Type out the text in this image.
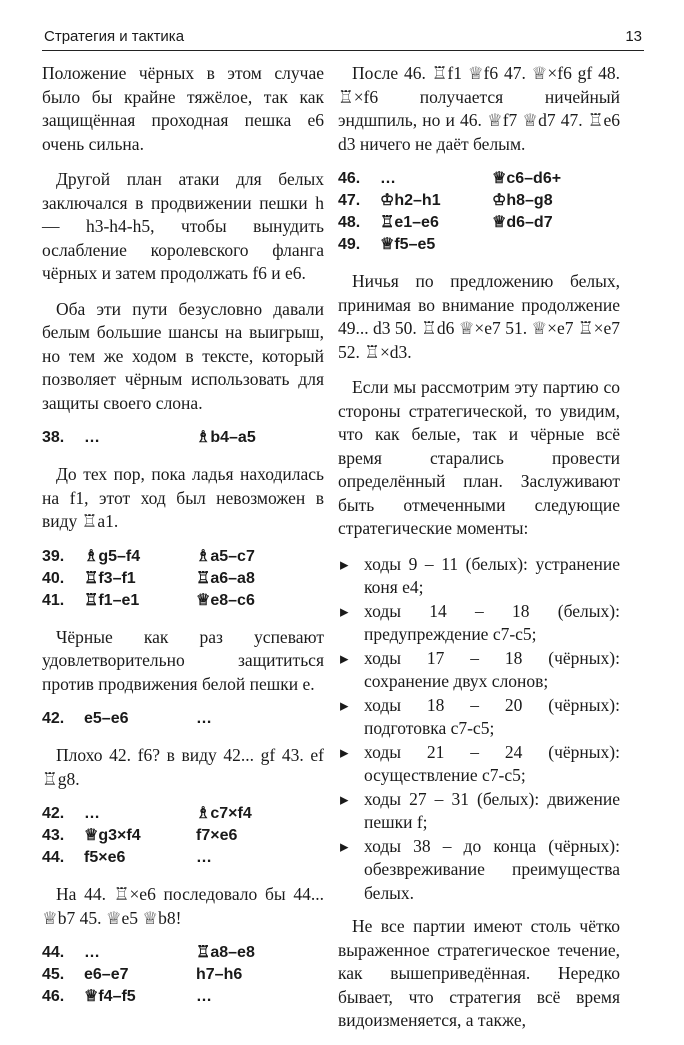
Стратегия и тактика	13

Положение чёрных в этом случае было бы крайне тяжёлое, так как защищённая проходная пешка е6 очень сильна.

Другой план атаки для белых заключался в продвижении пешки h — h3-h4-h5, чтобы вынудить ослабление королевского фланга чёрных и затем продолжать f6 и е6.

Оба эти пути безусловно давали белым большие шансы на выигрыш, но тем же ходом в тексте, который позволяет чёрным использовать для защиты своего слона.

38.	…	♗b4–a5

До тех пор, пока ладья находилась на f1, этот ход был невозможен в виду ♖a1.

39.	♗g5–f4	♗a5–c7
40.	♖f3–f1	♖a6–a8
41.	♖f1–e1	♕e8–c6

Чёрные как раз успевают удовлетворительно защититься против продвижения белой пешки е.

42.	e5–e6	…

Плохо 42. f6? в виду 42... gf 43. ef ♖g8.

42.	…	♗c7×f4
43.	♕g3×f4	f7×e6
44.	f5×e6	…

На 44. ♖×e6 последовало бы 44... ♕b7 45. ♕e5 ♕b8!

44.	…	♖a8–e8
45.	e6–e7	h7–h6
46.	♕f4–f5	…

После 46. ♖f1 ♕f6 47. ♕×f6 gf 48. ♖×f6 получается ничейный эндшпиль, но и 46. ♕f7 ♕d7 47. ♖e6 d3 ничего не даёт белым.

46.	…	♕c6–d6+
47.	♔h2–h1	♔h8–g8
48.	♖e1–e6	♕d6–d7
49.	♕f5–e5

Ничья по предложению белых, принимая во внимание продолжение 49... d3 50. ♖d6 ♕×e7 51. ♕×e7 ♖×e7 52. ♖×d3.

Если мы рассмотрим эту партию со стороны стратегической, то увидим, что как белые, так и чёрные всё время старались провести определённый план. Заслуживают быть отмеченными следующие стратегические моменты:

▸ ходы 9 – 11 (белых): устранение коня е4;
▸ ходы 14 – 18 (белых): предупреждение с7-с5;
▸ ходы 17 – 18 (чёрных): сохранение двух слонов;
▸ ходы 18 – 20 (чёрных): подготовка с7-с5;
▸ ходы 21 – 24 (чёрных): осуществление с7-с5;
▸ ходы 27 – 31 (белых): движение пешки f;
▸ ходы 38 – до конца (чёрных): обезвреживание преимущества белых.

Не все партии имеют столь чётко выраженное стратегическое течение, как вышеприведённая. Нередко бывает, что стратегия всё время видоизменяется, а также,
